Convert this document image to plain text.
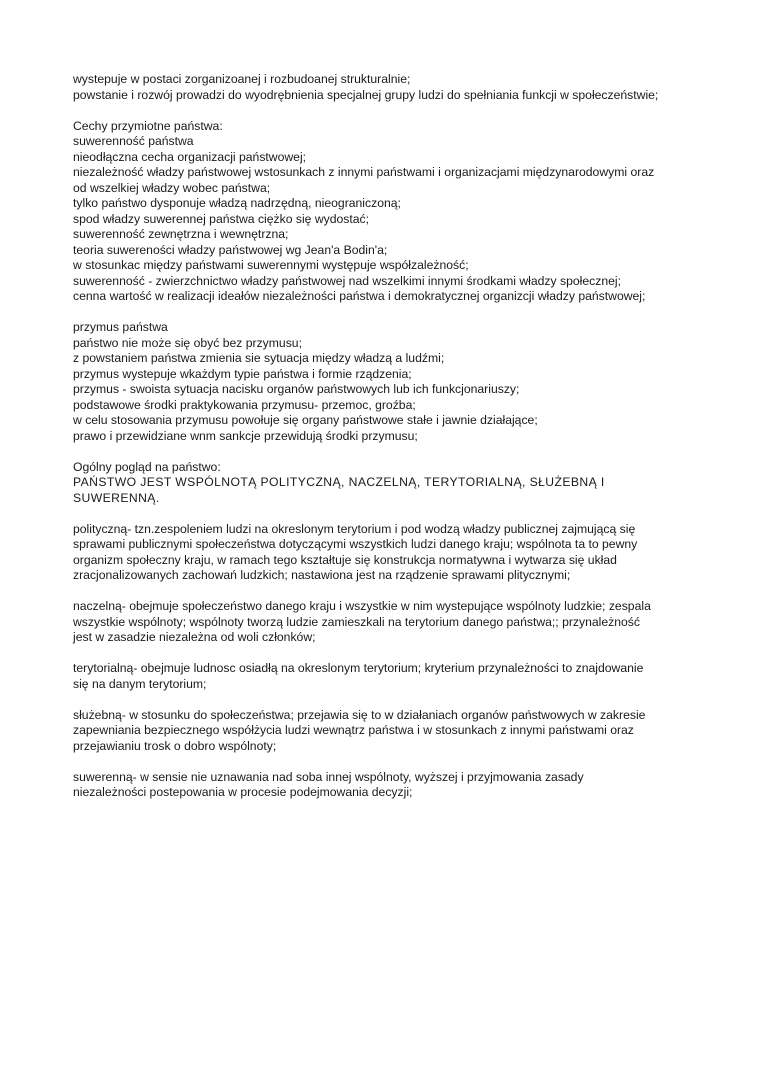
wystepuje w postaci zorganizoanej i rozbudoanej strukturalnie;
powstanie i rozwój prowadzi do wyodrębnienia specjalnej grupy ludzi do spełniania funkcji w społeczeństwie;
Cechy przymiotne państwa:
suwerenność państwa
nieodłączna cecha organizacji państwowej;
niezależność władzy państwowej wstosunkach z innymi państwami i organizacjami międzynarodowymi oraz
od wszelkiej władzy wobec państwa;
tylko państwo dysponuje władzą nadrzędną, nieograniczoną;
spod władzy suwerennej państwa ciężko się wydostać;
suwerenność zewnętrzna i wewnętrzna;
teoria suwereności władzy państwowej wg Jean'a Bodin'a;
w stosunkac między państwami suwerennymi występuje współzależność;
suwerenność - zwierzchnictwo władzy państwowej nad wszelkimi innymi środkami władzy społecznej;
cenna wartość w realizacji ideałów niezależności państwa i demokratycznej organizcji władzy państwowej;
przymus państwa
państwo nie może się obyć bez przymusu;
z powstaniem państwa zmienia sie sytuacja między władzą a ludźmi;
przymus wystepuje wkażdym typie państwa i formie rządzenia;
przymus - swoista sytuacja nacisku organów państwowych lub ich funkcjonariuszy;
podstawowe środki praktykowania przymusu- przemoc, groźba;
w celu stosowania przymusu powołuje się organy państwowe stałe i jawnie działające;
prawo i przewidziane wnm sankcje przewidują środki przymusu;
Ogólny pogląd na państwo:
PAŃSTWO JEST WSPÓLNOTĄ POLITYCZNĄ, NACZELNĄ, TERYTORIALNĄ, SŁUŻEBNĄ I
SUWERENNĄ.
polityczną- tzn.zespoleniem ludzi na okreslonym terytorium i pod wodzą władzy publicznej zajmującą się
sprawami publicznymi społeczeństwa dotyczącymi wszystkich ludzi danego kraju; wspólnota ta to pewny
organizm społeczny kraju, w ramach tego kształtuje się konstrukcja normatywna i wytwarza się układ
zracjonalizowanych zachowań ludzkich; nastawiona jest na rządzenie sprawami plitycznymi;
naczelną- obejmuje społeczeństwo danego kraju i wszystkie w nim wystepujące wspólnoty ludzkie; zespala
wszystkie wspólnoty; wspólnoty tworzą ludzie zamieszkali na terytorium danego państwa;; przynależność
jest w zasadzie niezależna od woli członków;
terytorialną- obejmuje ludnosc osiadłą na okreslonym terytorium; kryterium przynależności to znajdowanie
się na danym terytorium;
służebną- w stosunku do społeczeństwa; przejawia się to w działaniach organów państwowych w zakresie
zapewniania bezpiecznego współżycia ludzi wewnątrz państwa i w stosunkach z innymi państwami oraz
przejawianiu trosk o dobro wspólnoty;
suwerenną- w sensie nie uznawania nad soba innej wspólnoty, wyższej i przyjmowania zasady
niezależności postepowania w procesie podejmowania decyzji;
